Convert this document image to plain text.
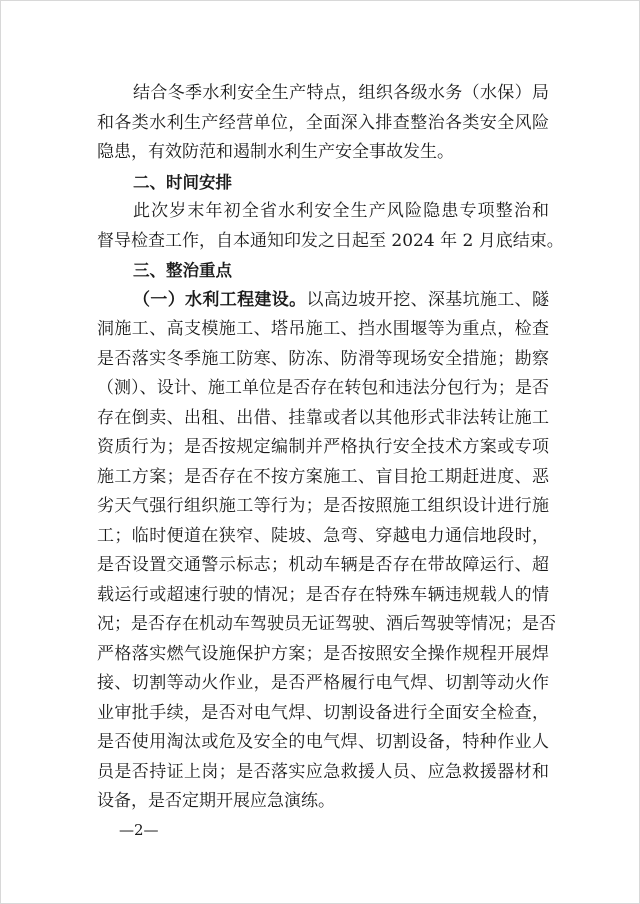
结合冬季水利安全生产特点，组织各级水务（水保）局
和各类水利生产经营单位，全面深入排查整治各类安全风险
隐患，有效防范和遏制水利生产安全事故发生。
二、时间安排
此次岁末年初全省水利安全生产风险隐患专项整治和
督导检查工作，自本通知印发之日起至 2024 年 2 月底结束。
三、整治重点
（一）水利工程建设。以高边坡开挖、深基坑施工、隧
洞施工、高支模施工、塔吊施工、挡水围堰等为重点，检查
是否落实冬季施工防寒、防冻、防滑等现场安全措施；勘察
（测）、设计、施工单位是否存在转包和违法分包行为；是否
存在倒卖、出租、出借、挂靠或者以其他形式非法转让施工
资质行为；是否按规定编制并严格执行安全技术方案或专项
施工方案；是否存在不按方案施工、盲目抢工期赶进度、恶
劣天气强行组织施工等行为；是否按照施工组织设计进行施
工；临时便道在狭窄、陡坡、急弯、穿越电力通信地段时，
是否设置交通警示标志；机动车辆是否存在带故障运行、超
载运行或超速行驶的情况；是否存在特殊车辆违规载人的情
况；是否存在机动车驾驶员无证驾驶、酒后驾驶等情况；是否
严格落实燃气设施保护方案；是否按照安全操作规程开展焊
接、切割等动火作业，是否严格履行电气焊、切割等动火作
业审批手续，是否对电气焊、切割设备进行全面安全检查，
是否使用淘汰或危及安全的电气焊、切割设备，特种作业人
员是否持证上岗；是否落实应急救援人员、应急救援器材和
设备，是否定期开展应急演练。
—2—
